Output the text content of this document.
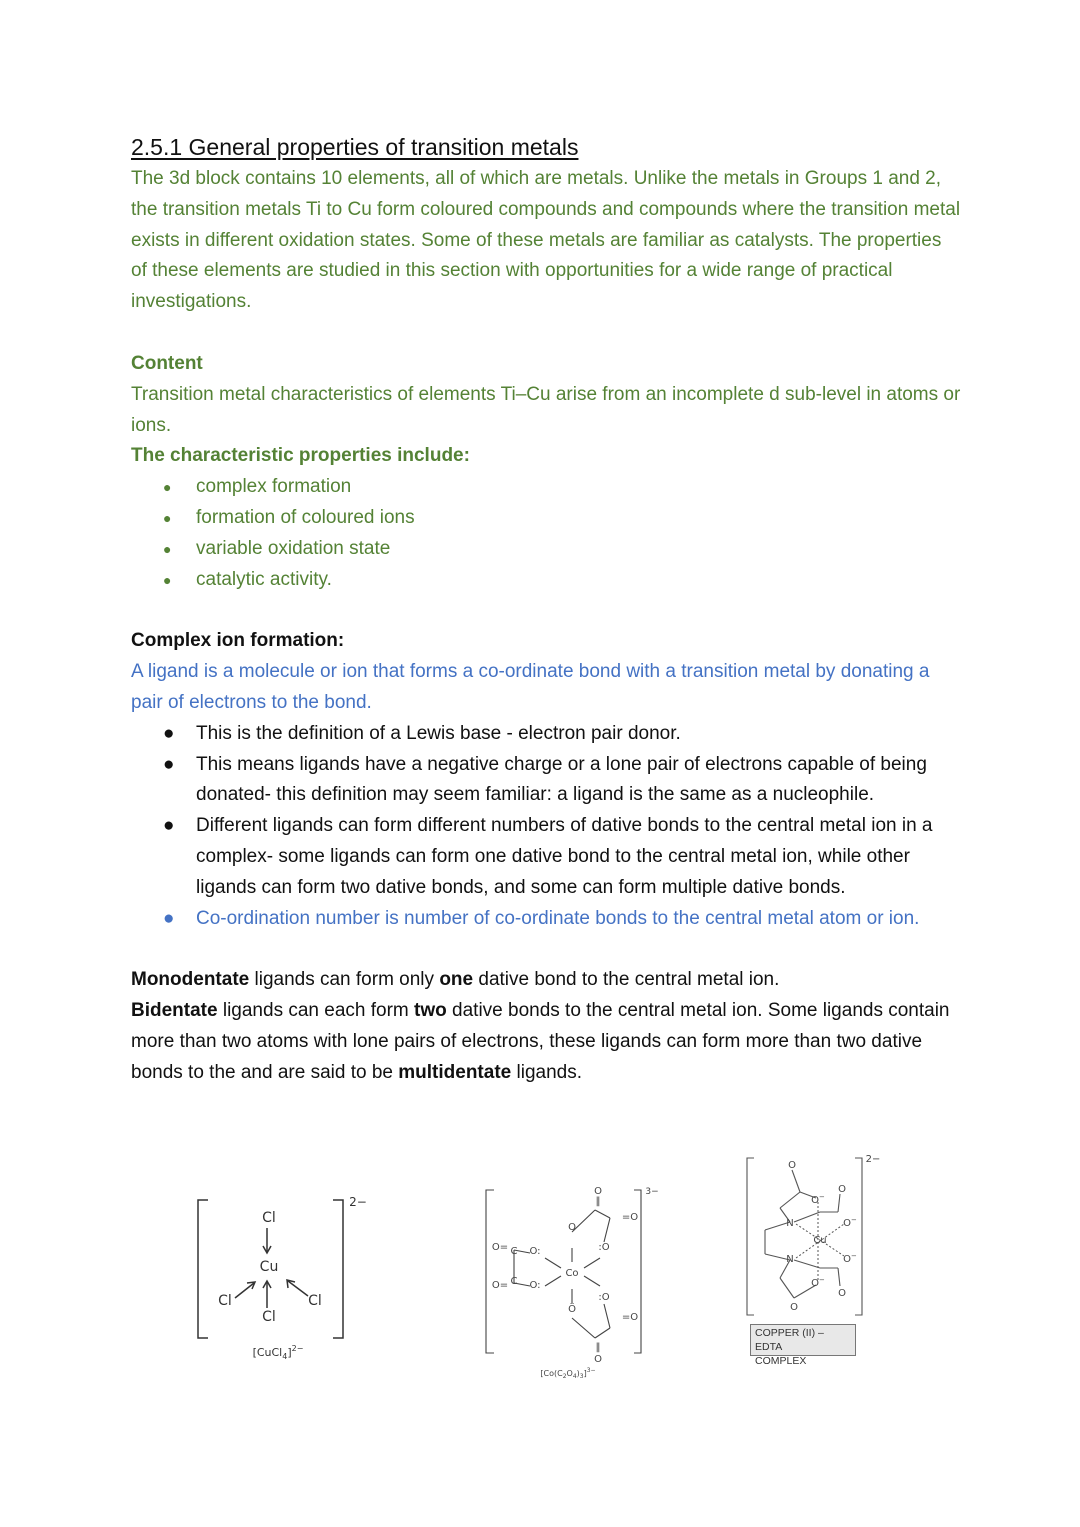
2.5.1 General properties of transition metals

The 3d block contains 10 elements, all of which are metals. Unlike the metals in Groups 1 and 2, the transition metals Ti to Cu form coloured compounds and compounds where the transition metal exists in different oxidation states. Some of these metals are familiar as catalysts. The properties of these elements are studied in this section with opportunities for a wide range of practical investigations.

Content

Transition metal characteristics of elements Ti–Cu arise from an incomplete d sub-level in atoms or ions.

The characteristic properties include:

● complex formation
● formation of coloured ions
● variable oxidation state
● catalytic activity.

Complex ion formation:

A ligand is a molecule or ion that forms a co-ordinate bond with a transition metal by donating a pair of electrons to the bond.

● This is the definition of a Lewis base - electron pair donor.
● This means ligands have a negative charge or a lone pair of electrons capable of being donated- this definition may seem familiar: a ligand is the same as a nucleophile.
● Different ligands can form different numbers of dative bonds to the central metal ion in a complex- some ligands can form one dative bond to the central metal ion, while other ligands can form two dative bonds, and some can form multiple dative bonds.
● Co-ordination number is number of co-ordinate bonds to the central metal atom or ion.

Monodentate ligands can form only one dative bond to the central metal ion.

Bidentate ligands can each form two dative bonds to the central metal ion. Some ligands contain more than two atoms with lone pairs of electrons, these ligands can form more than two dative bonds to the and are said to be multidentate ligands.

Cl
Cu
Cl
Cl
Cl
2−
[CuCl$_4$]$^{2-}$
Co
O
‖
O
=O
:O
O= C O:
O= C O:
:O
Ö
=O
‖
O
3−
$[Co(C_2O_4)_3]^{3-}$
O
O−
O
O−
N
Cu
N	O−
O−
O
O
2−
COPPER (II) – EDTA
COMPLEX
